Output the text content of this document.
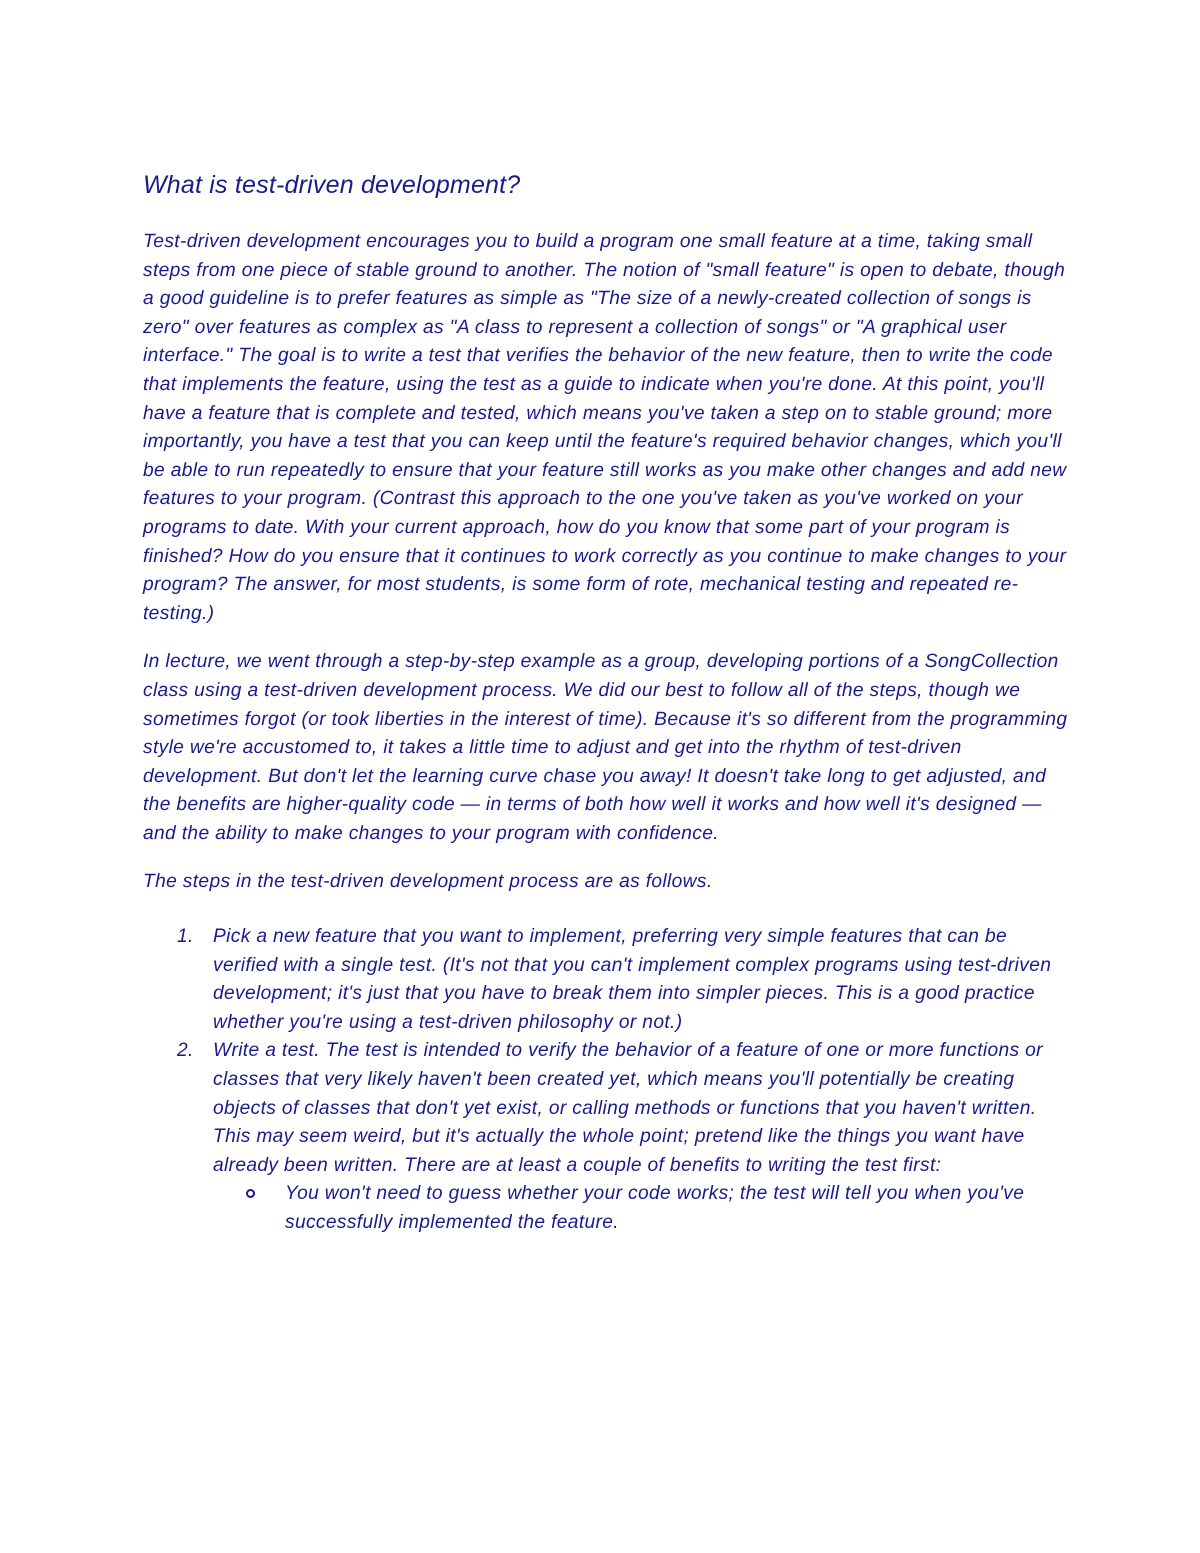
What is test-driven development?

Test-driven development encourages you to build a program one small feature at a time, taking small steps from one piece of stable ground to another. The notion of "small feature" is open to debate, though a good guideline is to prefer features as simple as "The size of a newly-created collection of songs is zero" over features as complex as "A class to represent a collection of songs" or "A graphical user interface." The goal is to write a test that verifies the behavior of the new feature, then to write the code that implements the feature, using the test as a guide to indicate when you're done. At this point, you'll have a feature that is complete and tested, which means you've taken a step on to stable ground; more importantly, you have a test that you can keep until the feature's required behavior changes, which you'll be able to run repeatedly to ensure that your feature still works as you make other changes and add new features to your program. (Contrast this approach to the one you've taken as you've worked on your programs to date. With your current approach, how do you know that some part of your program is finished? How do you ensure that it continues to work correctly as you continue to make changes to your program? The answer, for most students, is some form of rote, mechanical testing and repeated re-testing.)

In lecture, we went through a step-by-step example as a group, developing portions of a SongCollection class using a test-driven development process. We did our best to follow all of the steps, though we sometimes forgot (or took liberties in the interest of time). Because it's so different from the programming style we're accustomed to, it takes a little time to adjust and get into the rhythm of test-driven development. But don't let the learning curve chase you away! It doesn't take long to get adjusted, and the benefits are higher-quality code — in terms of both how well it works and how well it's designed — and the ability to make changes to your program with confidence.

The steps in the test-driven development process are as follows.

1. Pick a new feature that you want to implement, preferring very simple features that can be verified with a single test. (It's not that you can't implement complex programs using test-driven development; it's just that you have to break them into simpler pieces. This is a good practice whether you're using a test-driven philosophy or not.)
2. Write a test. The test is intended to verify the behavior of a feature of one or more functions or classes that very likely haven't been created yet, which means you'll potentially be creating objects of classes that don't yet exist, or calling methods or functions that you haven't written. This may seem weird, but it's actually the whole point; pretend like the things you want have already been written. There are at least a couple of benefits to writing the test first:
You won't need to guess whether your code works; the test will tell you when you've successfully implemented the feature.
